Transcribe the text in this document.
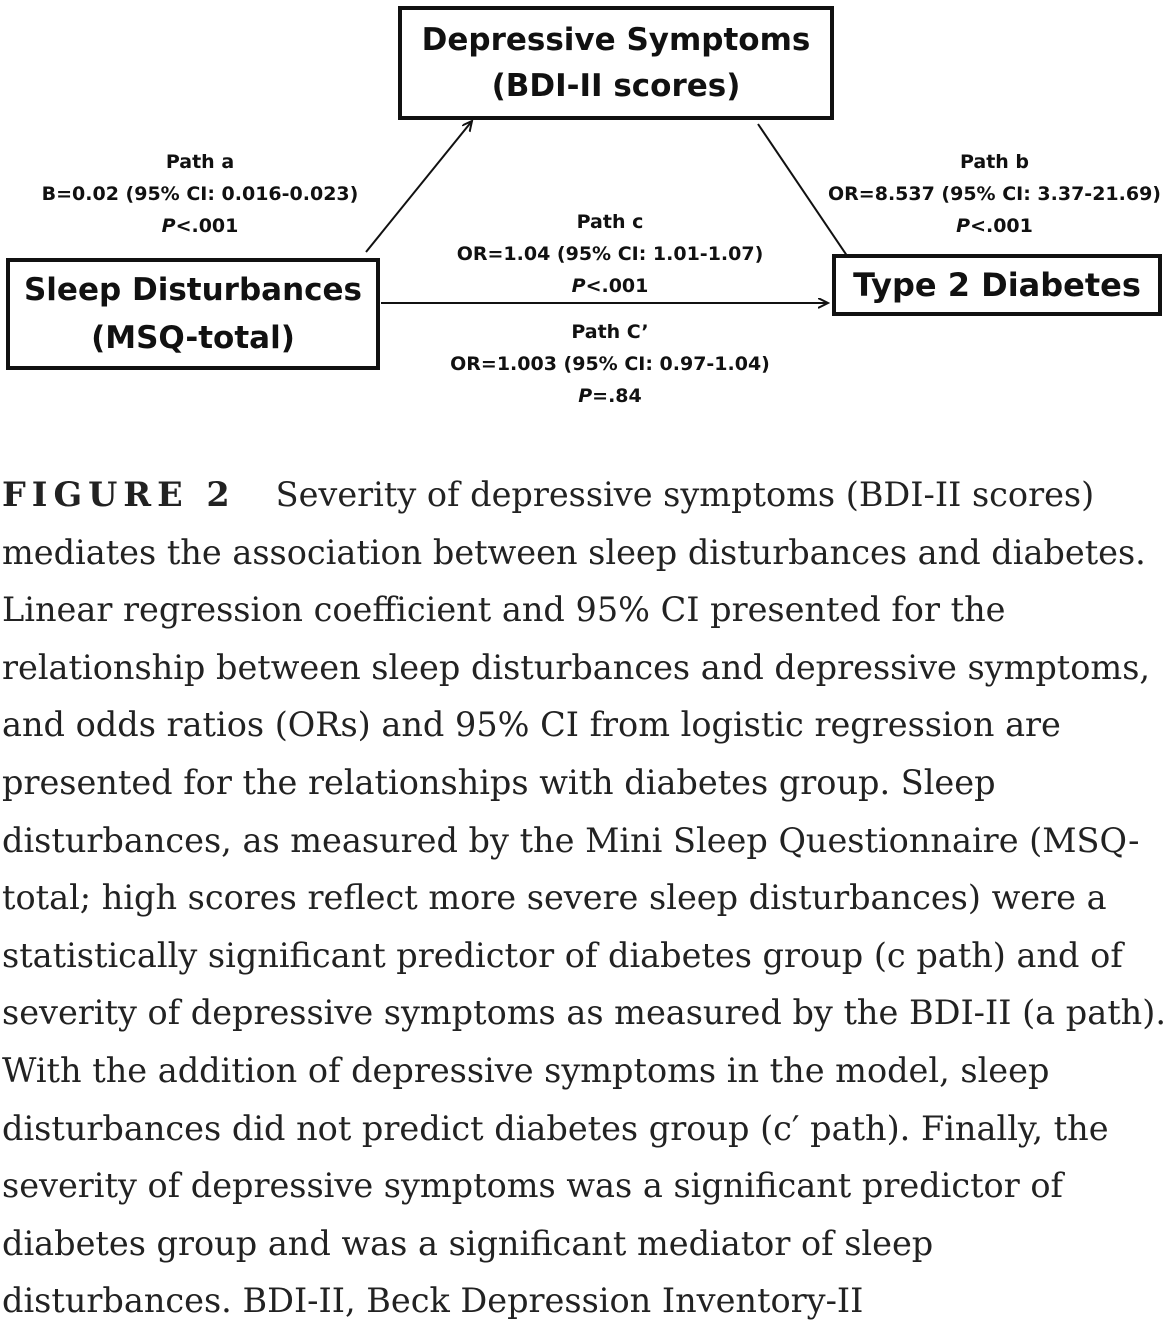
Depressive Symptoms
(BDI-II scores)
Sleep Disturbances
(MSQ-total)
Type 2 Diabetes
Path a
B=0.02 (95% CI: 0.016-0.023)
P<.001
Path b
OR=8.537 (95% CI: 3.37-21.69)
P<.001
Path c
OR=1.04 (95% CI: 1.01-1.07)
P<.001
Path C’
OR=1.003 (95% CI: 0.97-1.04)
P=.84

FIGURE 2 Severity of depressive symptoms (BDI-II scores) mediates the association between sleep disturbances and diabetes. Linear regression coefficient and 95% CI presented for the relationship between sleep disturbances and depressive symptoms, and odds ratios (ORs) and 95% CI from logistic regression are presented for the relationships with diabetes group. Sleep disturbances, as measured by the Mini Sleep Questionnaire (MSQ-total; high scores reflect more severe sleep disturbances) were a statistically significant predictor of diabetes group (c path) and of severity of depressive symptoms as measured by the BDI-II (a path). With the addition of depressive symptoms in the model, sleep disturbances did not predict diabetes group (c′ path). Finally, the severity of depressive symptoms was a significant predictor of diabetes group and was a significant mediator of sleep disturbances. BDI-II, Beck Depression Inventory-II
